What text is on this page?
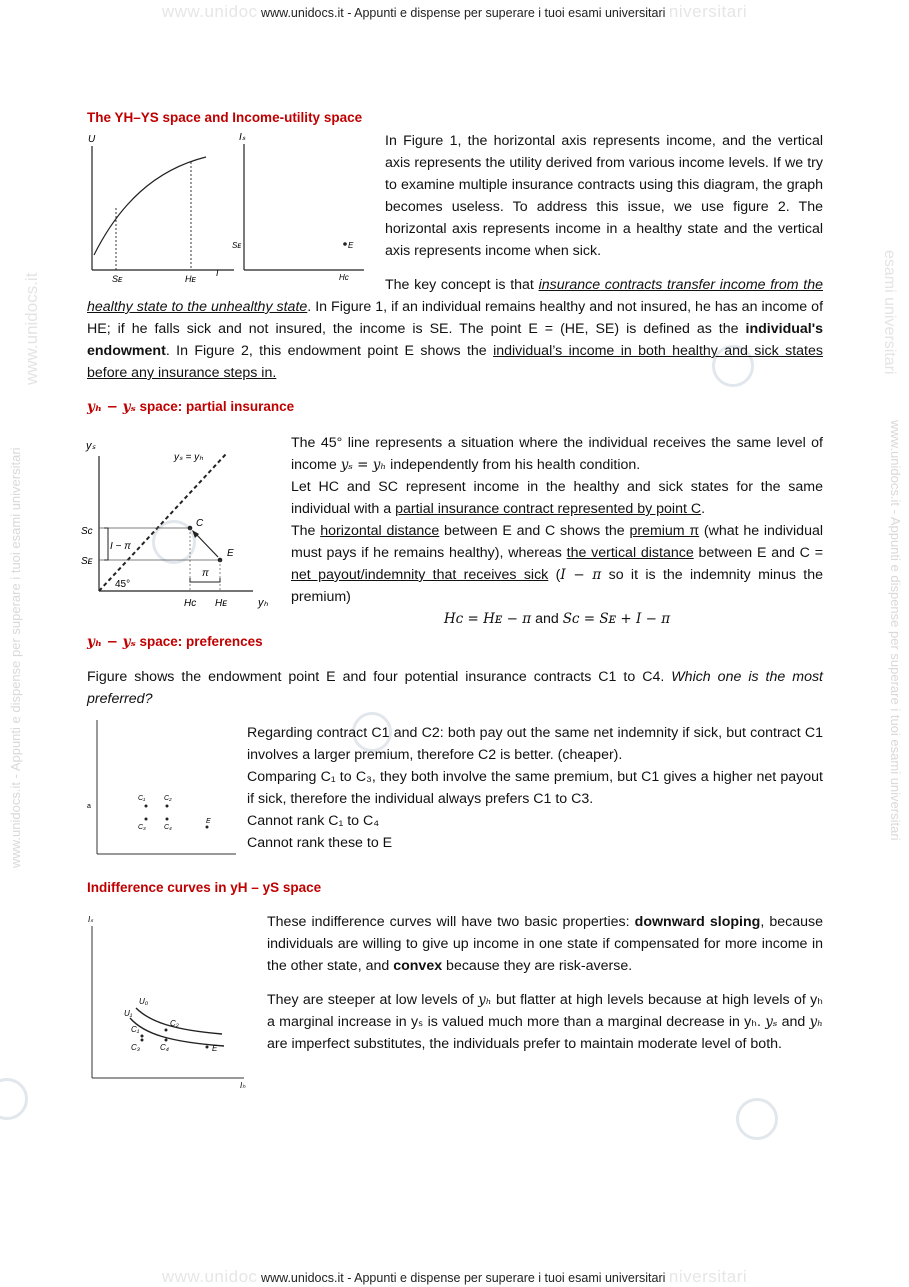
www.unidoc www.unidocs.it - Appunti e dispense per superare i tuoi esami universitari niversitari
www.unidoc www.unidocs.it - Appunti e dispense per superare i tuoi esami universitari niversitari
www.unidocs.it - Appunti e dispense per superare i tuoi esami universitari
www.unidocs.it
www.unidocs.it - Appunti e dispense per superare i tuoi esami universitari
esami universitari
The YH–YS space and Income-utility space
U
Sᴇ	Hᴇ
I
Iₛ
Sᴇ	E
Hᴄ

In Figure 1, the horizontal axis represents income, and the vertical axis represents the utility derived from various income levels. If we try to examine multiple insurance contracts using this diagram, the graph becomes useless. To address this issue, we use figure 2. The horizontal axis represents income in a healthy state and the vertical axis represents income when sick.

The key concept is that insurance contracts transfer income from the healthy state to the unhealthy state. In Figure 1, if an individual remains healthy and not insured, he has an income of HE; if he falls sick and not insured, the income is SE. The point E = (HE, SE) is defined as the individual's endowment. In Figure 2, this endowment point E shows the individual’s income in both healthy and sick states before any insurance steps in.

yₕ − yₛ space: partial insurance
yₛ
yₛ = yₕ
Sᴄ
Sᴇ
I − π
45°
C
E
π
Hᴄ Hᴇ	yₕ

The 45° line represents a situation where the individual receives the same level of income yₛ = yₕ independently from his health condition.

Let HC and SC represent income in the healthy and sick states for the same individual with a partial insurance contract represented by point C.

The horizontal distance between E and C shows the premium π (what he individual must pays if he remains healthy), whereas the vertical distance between E and C = net payout/indemnity that receives sick (I − π so it is the indemnity minus the premium)

Hᴄ = Hᴇ − π and Sᴄ = Sᴇ + I − π

yₕ − yₛ space: preferences

Figure shows the endowment point E and four potential insurance contracts C1 to C4. Which one is the most preferred?

a
C₁	C₂
C₃	C₄
E

Regarding contract C1 and C2: both pay out the same net indemnity if sick, but contract C1 involves a larger premium, therefore C2 is better. (cheaper).

Comparing C₁ to C₃, they both involve the same premium, but C1 gives a higher net payout if sick, therefore the individual always prefers C1 to C3.

Cannot rank C₁ to C₄

Cannot rank these to E

Indifference curves in yH – yS space
Iₛ
U₀
U₁
C₁
C₂
C₃	C₄	E
Iₕ

These indifference curves will have two basic properties: downward sloping, because individuals are willing to give up income in one state if compensated for more income in the other state, and convex because they are risk-averse.

They are steeper at low levels of yₕ but flatter at high levels because at high levels of yₕ a marginal increase in yₛ is valued much more than a marginal decrease in yₕ. yₛ and yₕ are imperfect substitutes, the individuals prefer to maintain moderate level of both.
